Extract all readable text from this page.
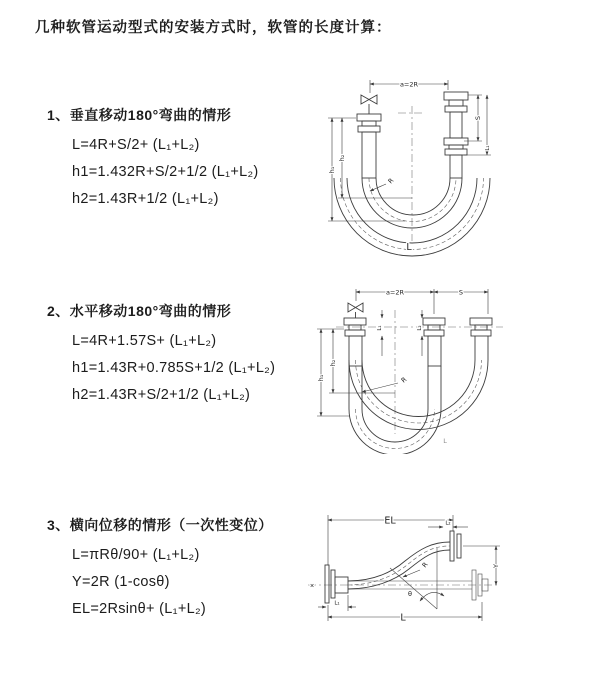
几种软管运动型式的安装方式时，软管的长度计算：
1、垂直移动180°弯曲的情形
L=4R+S/2+ (L₁+L₂)
h1=1.432R+S/2+1/2 (L₁+L₂)
h2=1.43R+1/2 (L₁+L₂)
2、水平移动180°弯曲的情形
L=4R+1.57S+ (L₁+L₂)
h1=1.43R+0.785S+1/2 (L₁+L₂)
h2=1.43R+S/2+1/2 (L₁+L₂)
3、横向位移的情形（一次性变位）
L=πRθ/90+ (L₁+L₂)
Y=2R (1-cosθ)
EL=2Rsinθ+ (L₁+L₂)
a=2R
S
L₁
h₁
h₂
R
L
a=2R	S
L₁	L₂
h₁
h₂
R
L
✕
EL	L₂
R
θ
Y
L₁
L
